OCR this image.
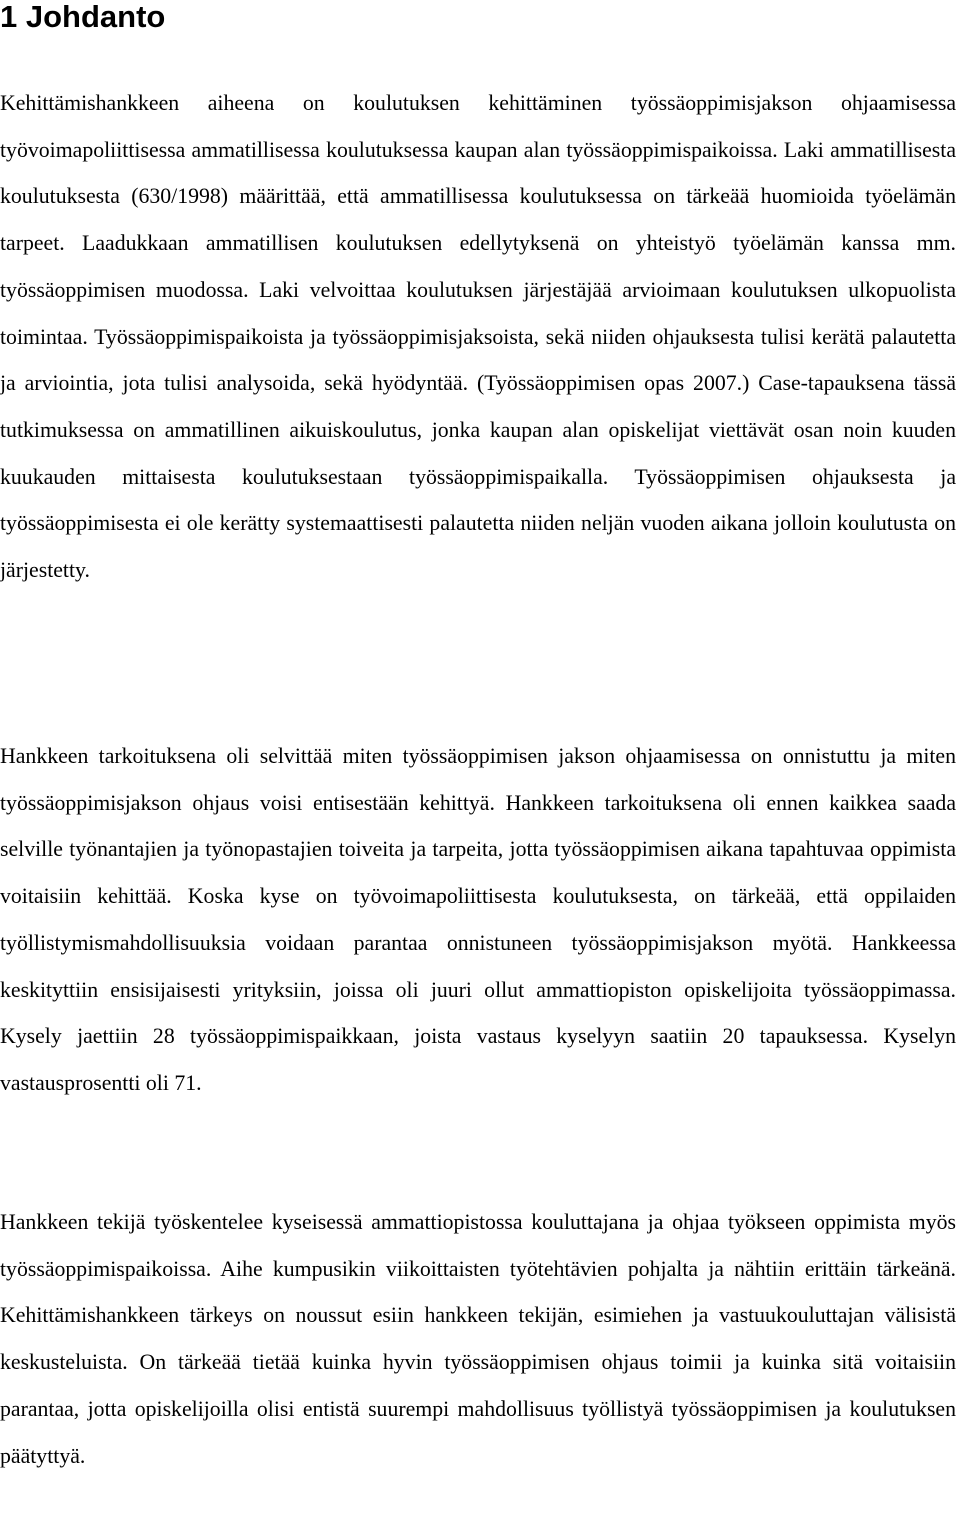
1 Johdanto

Kehittämishankkeen aiheena on koulutuksen kehittäminen työssäoppimisjakson ohjaamisessa työvoimapoliittisessa ammatillisessa koulutuksessa kaupan alan työssäoppimispaikoissa. Laki ammatillisesta koulutuksesta (630/1998) määrittää, että ammatillisessa koulutuksessa on tärkeää huomioida työelämän tarpeet. Laadukkaan ammatillisen koulutuksen edellytyksenä on yhteistyö työelämän kanssa mm. työssäoppimisen muodossa. Laki velvoittaa koulutuksen järjestäjää arvioimaan koulutuksen ulkopuolista toimintaa. Työssäoppimispaikoista ja työssäoppimisjaksoista, sekä niiden ohjauksesta tulisi kerätä palautetta ja arviointia, jota tulisi analysoida, sekä hyödyntää. (Työssäoppimisen opas 2007.) Case-tapauksena tässä tutkimuksessa on ammatillinen aikuiskoulutus, jonka kaupan alan opiskelijat viettävät osan noin kuuden kuukauden mittaisesta koulutuksestaan työssäoppimispaikalla. Työssäoppimisen ohjauksesta ja työssäoppimisesta ei ole kerätty systemaattisesti palautetta niiden neljän vuoden aikana jolloin koulutusta on järjestetty.

Hankkeen tarkoituksena oli selvittää miten työssäoppimisen jakson ohjaamisessa on onnistuttu ja miten työssäoppimisjakson ohjaus voisi entisestään kehittyä. Hankkeen tarkoituksena oli ennen kaikkea saada selville työnantajien ja työnopastajien toiveita ja tarpeita, jotta työssäoppimisen aikana tapahtuvaa oppimista voitaisiin kehittää. Koska kyse on työvoimapoliittisesta koulutuksesta, on tärkeää, että oppilaiden työllistymismahdollisuuksia voidaan parantaa onnistuneen työssäoppimisjakson myötä. Hankkeessa keskityttiin ensisijaisesti yrityksiin, joissa oli juuri ollut ammattiopiston opiskelijoita työssäoppimassa. Kysely jaettiin 28 työssäoppimispaikkaan, joista vastaus kyselyyn saatiin 20 tapauksessa. Kyselyn vastausprosentti oli 71.

Hankkeen tekijä työskentelee kyseisessä ammattiopistossa kouluttajana ja ohjaa työkseen oppimista myös työssäoppimispaikoissa. Aihe kumpusikin viikoittaisten työtehtävien pohjalta ja nähtiin erittäin tärkeänä. Kehittämishankkeen tärkeys on noussut esiin hankkeen tekijän, esimiehen ja vastuukouluttajan välisistä keskusteluista. On tärkeää tietää kuinka hyvin työssäoppimisen ohjaus toimii ja kuinka sitä voitaisiin parantaa, jotta opiskelijoilla olisi entistä suurempi mahdollisuus työllistyä työssäoppimisen ja koulutuksen päätyttyä.
